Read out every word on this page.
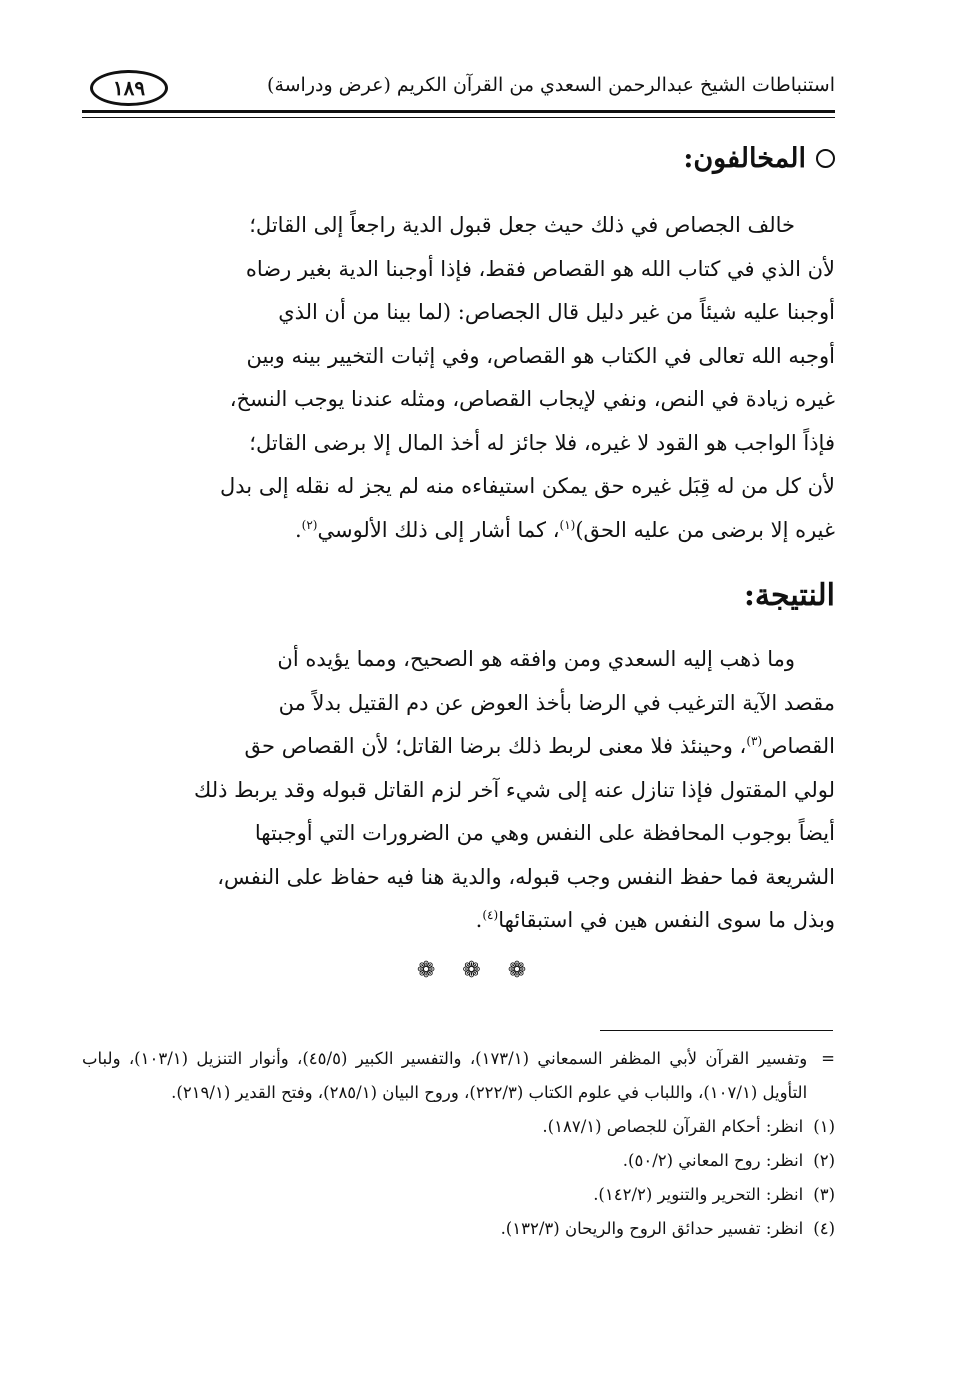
استنباطات الشيخ عبدالرحمن السعدي من القرآن الكريم (عرض ودراسة)
١٨٩
المخالفون:

خالف الجصاص في ذلك حيث جعل قبول الدية راجعاً إلى القاتل؛

لأن الذي في كتاب الله هو القصاص فقط، فإذا أوجبنا الدية بغير رضاه

أوجبنا عليه شيئاً من غير دليل قال الجصاص: (لما بينا من أن الذي

أوجبه الله تعالى في الكتاب هو القصاص، وفي إثبات التخيير بينه وبين

غيره زيادة في النص، ونفي لإيجاب القصاص، ومثله عندنا يوجب النسخ،

فإذاً الواجب هو القود لا غيره، فلا جائز له أخذ المال إلا برضى القاتل؛

لأن كل من له قِبَل غيره حق يمكن استيفاءه منه لم يجز له نقله إلى بدل

غيره إلا برضى من عليه الحق)$^{(١)}$، كما أشار إلى ذلك الألوسي$^{(٢)}$.

النتيجة:

وما ذهب إليه السعدي ومن وافقه هو الصحيح، ومما يؤيده أن

مقصد الآية الترغيب في الرضا بأخذ العوض عن دم القتيل بدلاً من

القصاص$^{(٣)}$، وحينئذ فلا معنى لربط ذلك برضا القاتل؛ لأن القصاص حق

لولي المقتول فإذا تنازل عنه إلى شيء آخر لزم القاتل قبوله وقد يربط ذلك

أيضاً بوجوب المحافظة على النفس وهي من الضرورات التي أوجبتها

الشريعة فما حفظ النفس وجب قبوله، والدية هنا فيه حفاظ على النفس،

وبذل ما سوى النفس هين في استبقائها$^{(٤)}$.

❁ ❁ ❁
=
وتفسير القرآن لأبي المظفر السمعاني (١٧٣/١)، والتفسير الكبير (٤٥/٥)، وأنوار التنزيل (١٠٣/١)، ولباب التأويل (١٠٧/١)، واللباب في علوم الكتاب (٢٢٢/٣)، وروح البيان (٢٨٥/١)، وفتح القدير (٢١٩/١).
(١)
انظر: أحكام القرآن للجصاص (١٨٧/١).
(٢)
انظر: روح المعاني (٥٠/٢).
(٣)
انظر: التحرير والتنوير (١٤٢/٢).
(٤)
انظر: تفسير حدائق الروح والريحان (١٣٢/٣).
